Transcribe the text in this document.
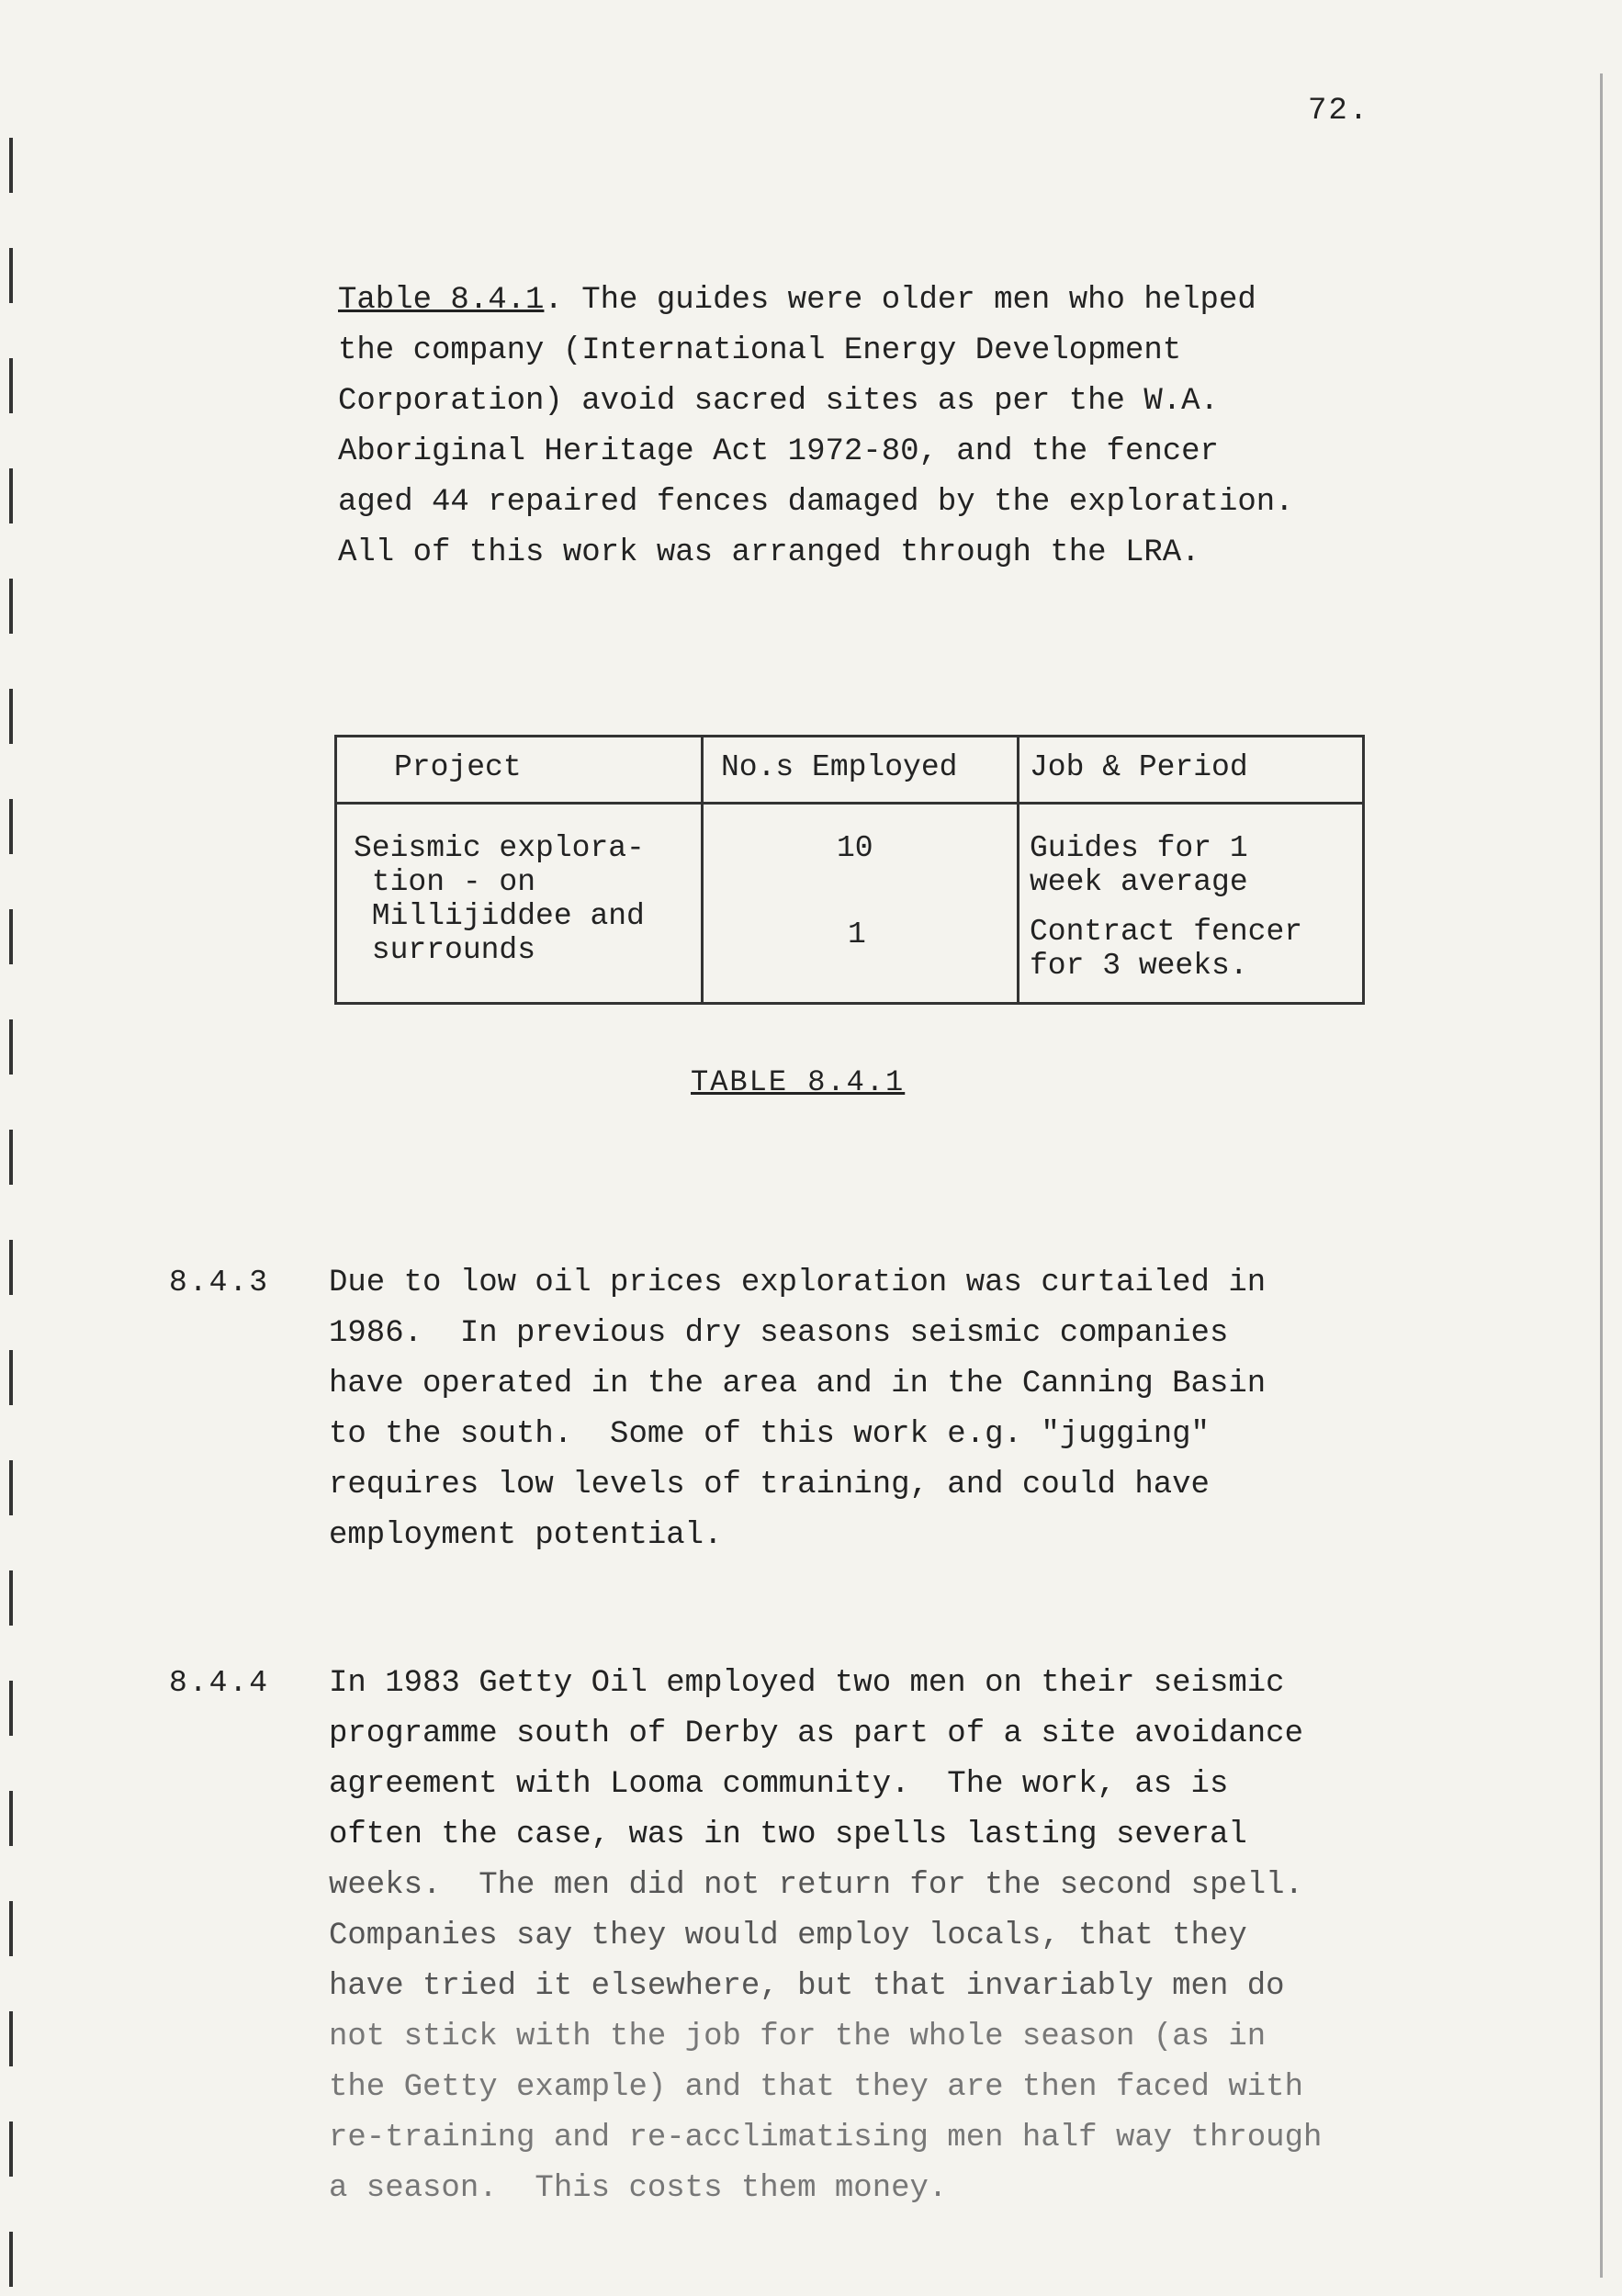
72.
Table 8.4.1. The guides were older men who helped
the company (International Energy Development
Corporation) avoid sacred sites as per the W.A.
Aboriginal Heritage Act 1972-80, and the fencer
aged 44 repaired fences damaged by the exploration.
All of this work was arranged through the LRA.
Project	No.s Employed Job & Period
Seismic explora-
tion - on
Millijiddee and
surrounds
10
1
Guides for 1
week average
Contract fencer
for 3 weeks.
TABLE 8.4.1
8.4.3 Due to low oil prices exploration was curtailed in
1986.  In previous dry seasons seismic companies
have operated in the area and in the Canning Basin
to the south.  Some of this work e.g. "jugging"
requires low levels of training, and could have
employment potential.
8.4.4 In 1983 Getty Oil employed two men on their seismic
programme south of Derby as part of a site avoidance
agreement with Looma community.  The work, as is
often the case, was in two spells lasting several
weeks.  The men did not return for the second spell.
Companies say they would employ locals, that they
have tried it elsewhere, but that invariably men do
not stick with the job for the whole season (as in
the Getty example) and that they are then faced with
re-training and re-acclimatising men half way through
a season.  This costs them money.
